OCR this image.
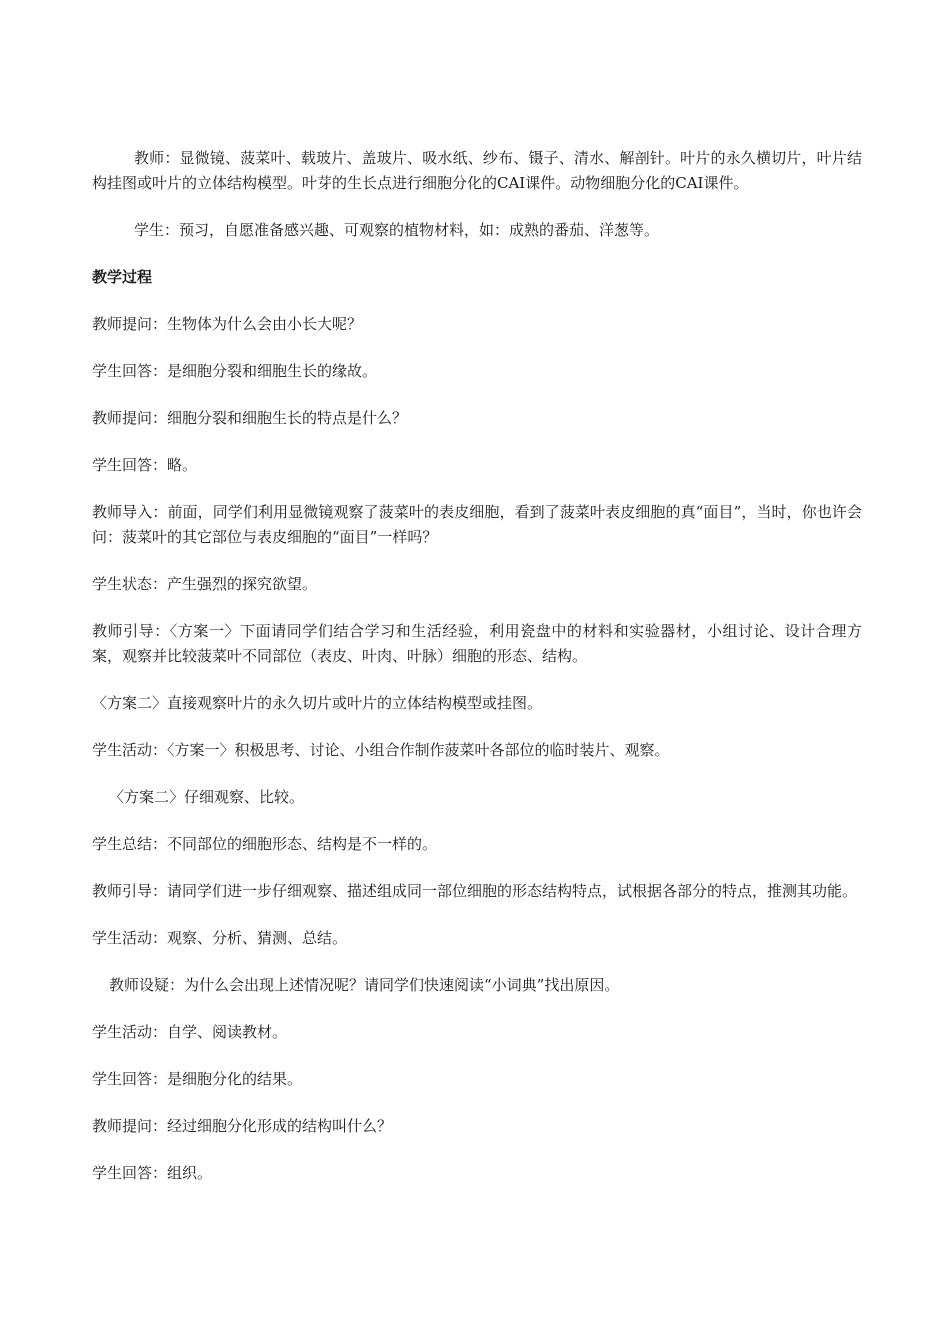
教师：显微镜、菠菜叶、载玻片、盖玻片、吸水纸、纱布、镊子、清水、解剖针。叶片的永久横切片，叶片结构挂图或叶片的立体结构模型。叶芽的生长点进行细胞分化的CAI课件。动物细胞分化的CAI课件。

学生：预习，自愿准备感兴趣、可观察的植物材料，如：成熟的番茄、洋葱等。

教学过程

教师提问：生物体为什么会由小长大呢？

学生回答：是细胞分裂和细胞生长的缘故。

教师提问：细胞分裂和细胞生长的特点是什么？

学生回答：略。

教师导入：前面，同学们利用显微镜观察了菠菜叶的表皮细胞，看到了菠菜叶表皮细胞的真“面目”，当时，你也许会问：菠菜叶的其它部位与表皮细胞的“面目”一样吗？

学生状态：产生强烈的探究欲望。

教师引导：〈方案一〉下面请同学们结合学习和生活经验，利用瓷盘中的材料和实验器材，小组讨论、设计合理方案，观察并比较菠菜叶不同部位（表皮、叶肉、叶脉）细胞的形态、结构。

〈方案二〉直接观察叶片的永久切片或叶片的立体结构模型或挂图。

学生活动：〈方案一〉积极思考、讨论、小组合作制作菠菜叶各部位的临时装片、观察。

〈方案二〉仔细观察、比较。

学生总结：不同部位的细胞形态、结构是不一样的。

教师引导：请同学们进一步仔细观察、描述组成同一部位细胞的形态结构特点，试根据各部分的特点，推测其功能。

学生活动：观察、分析、猜测、总结。

教师设疑：为什么会出现上述情况呢？请同学们快速阅读“小词典”找出原因。

学生活动：自学、阅读教材。

学生回答：是细胞分化的结果。

教师提问：经过细胞分化形成的结构叫什么？

学生回答：组织。
